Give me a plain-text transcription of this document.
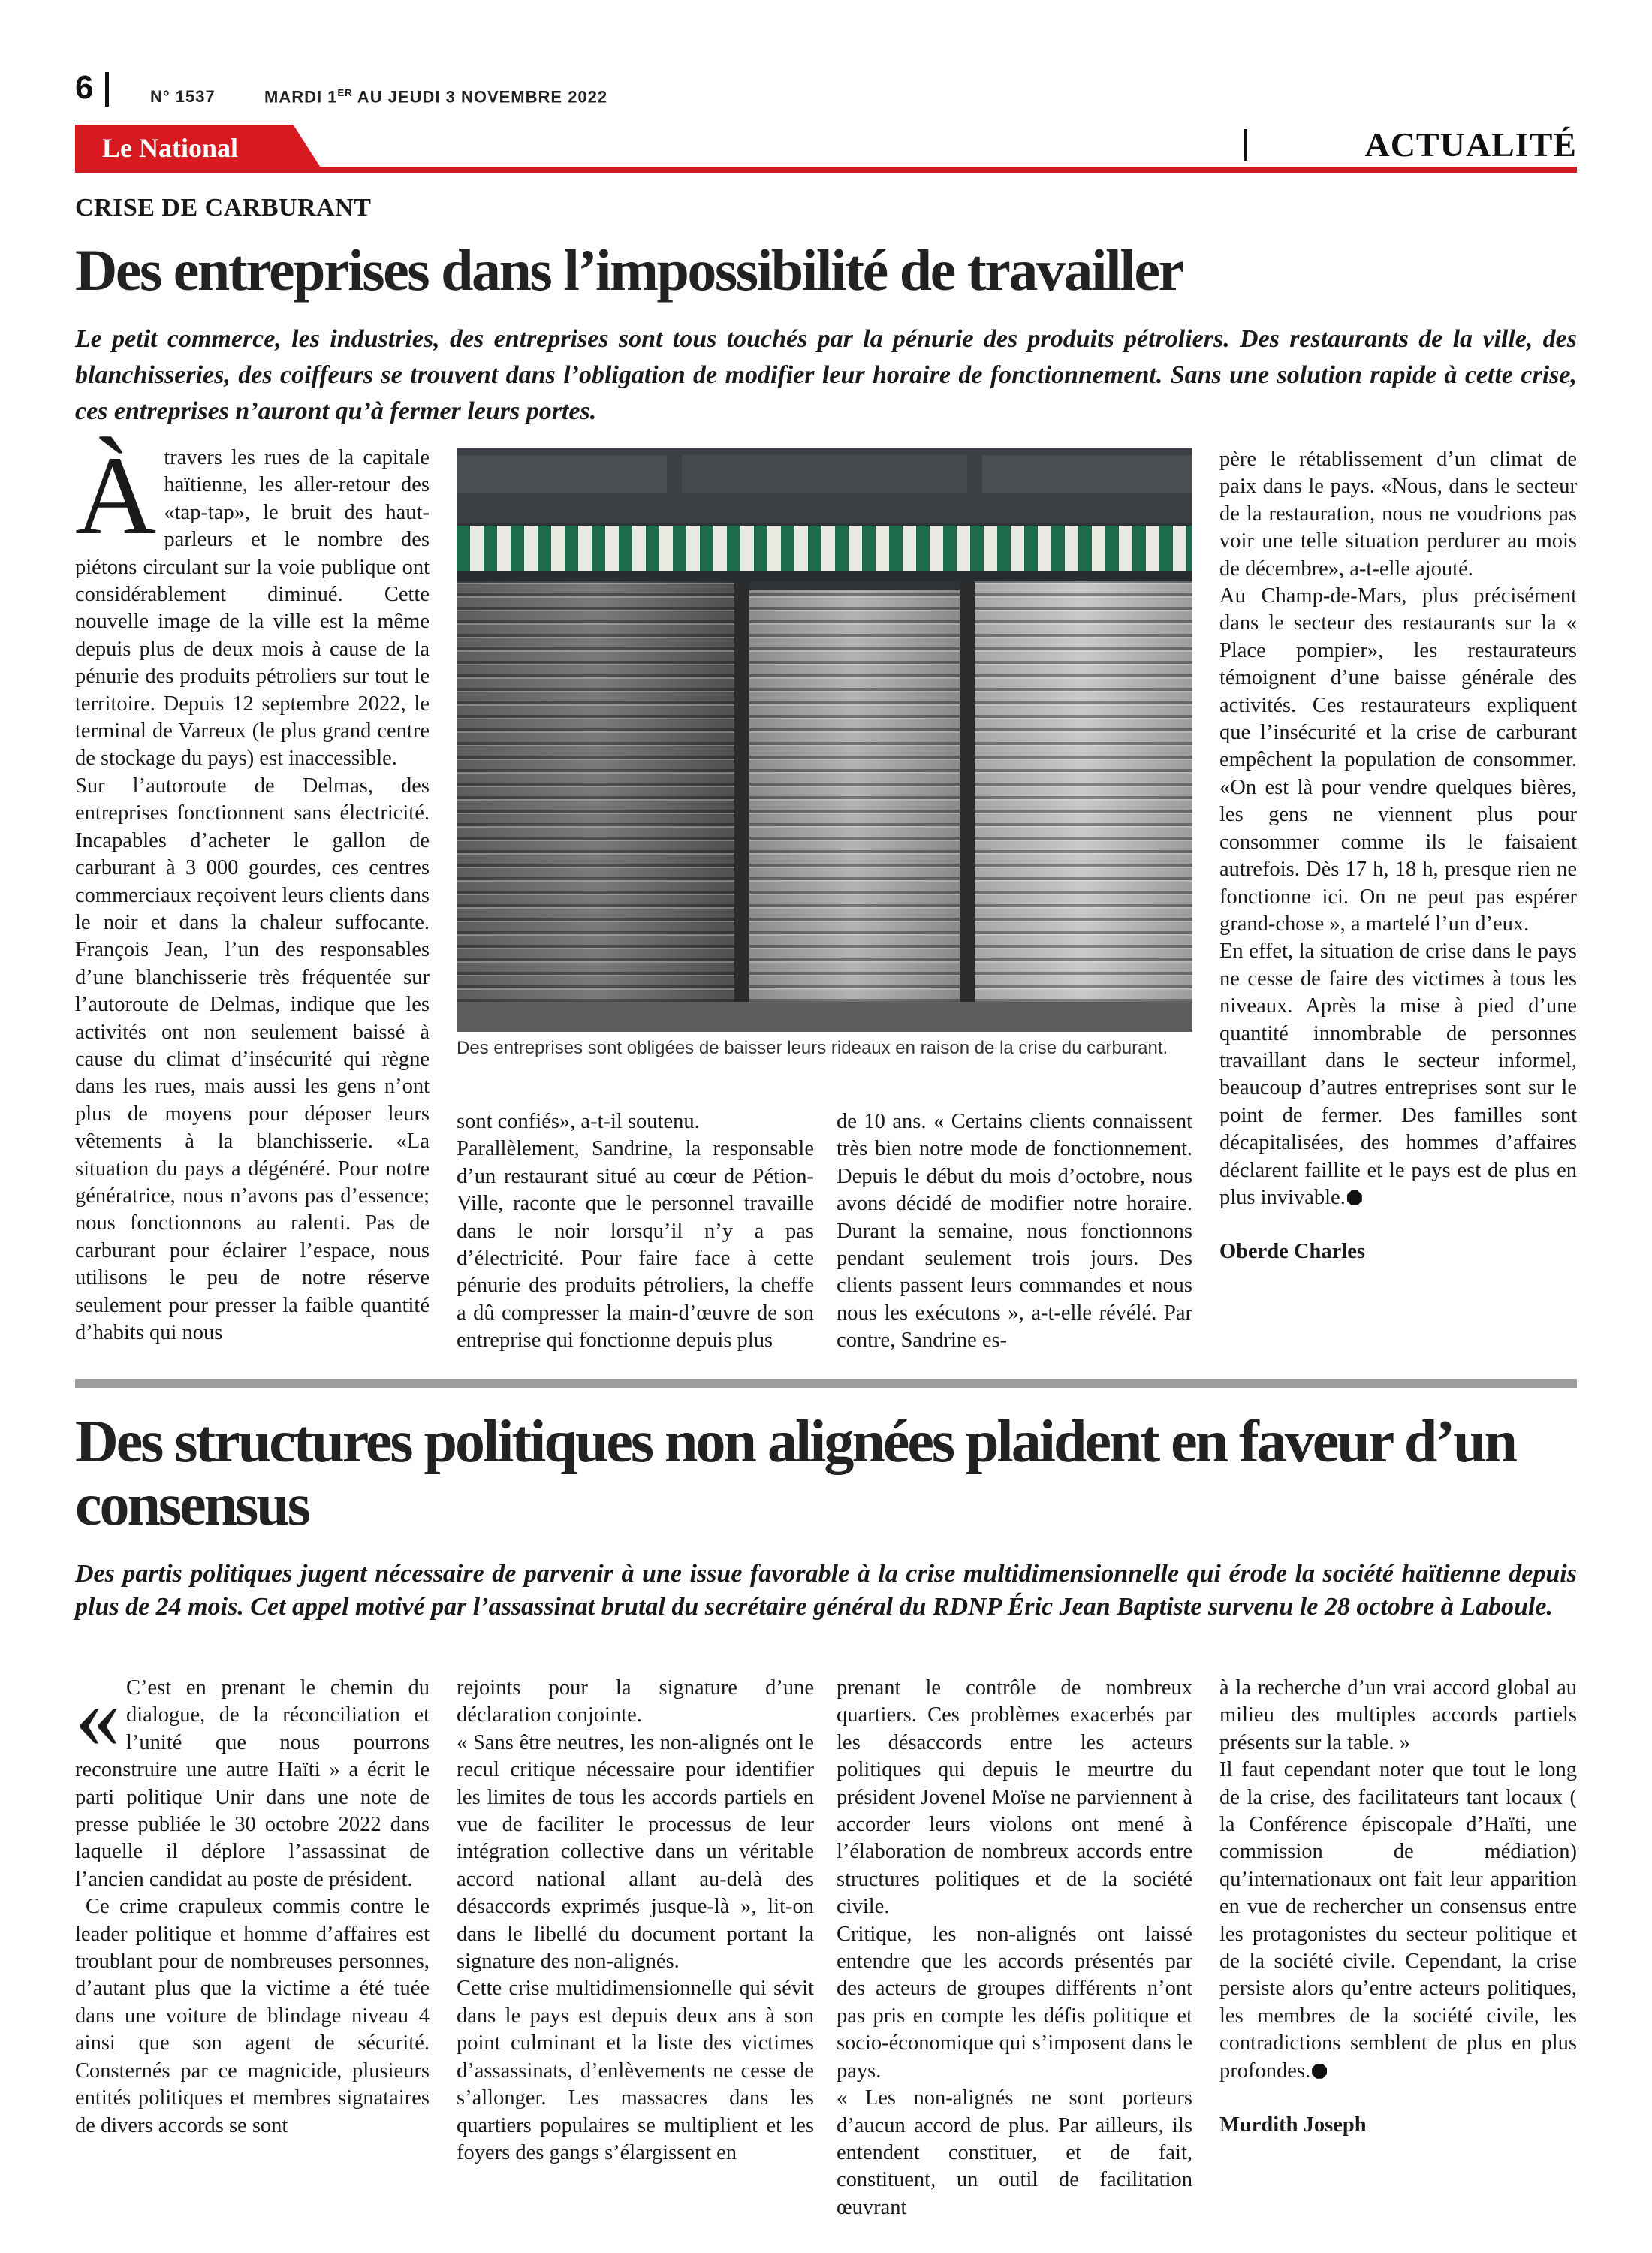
6	N° 1537	MARDI 1ER AU JEUDI 3 NOVEMBRE 2022
Le National	ACTUALITÉ
CRISE DE CARBURANT
Des entreprises dans l’impossibilité de travailler
Le petit commerce, les industries, des entreprises sont tous touchés par la pénurie des produits pétroliers. Des restaurants de la ville, des blanchisseries, des coiffeurs se trouvent dans l’obligation de modifier leur horaire de fonctionnement. Sans une solution rapide à cette crise, ces entreprises n’auront qu’à fermer leurs portes.

Àtravers les rues de la capitale haïtienne, les aller-retour des «tap-tap», le bruit des haut-parleurs et le nombre des piétons circulant sur la voie publique ont considérablement diminué. Cette nouvelle image de la ville est la même depuis plus de deux mois à cause de la pénurie des produits pétroliers sur tout le territoire. Depuis 12 septembre 2022, le terminal de Varreux (le plus grand centre de stockage du pays) est inaccessible.

Sur l’autoroute de Delmas, des entreprises fonctionnent sans électricité. Incapables d’acheter le gallon de carburant à 3 000 gourdes, ces centres commerciaux reçoivent leurs clients dans le noir et dans la chaleur suffocante. François Jean, l’un des responsables d’une blanchisserie très fréquentée sur l’autoroute de Delmas, indique que les activités ont non seulement baissé à cause du climat d’insécurité qui règne dans les rues, mais aussi les gens n’ont plus de moyens pour déposer leurs vêtements à la blanchisserie. «La situation du pays a dégénéré. Pour notre génératrice, nous n’avons pas d’essence; nous fonctionnons au ralenti. Pas de carburant pour éclairer l’espace, nous utilisons le peu de notre réserve seulement pour presser la faible quantité d’habits qui nous

Des entreprises sont obligées de baisser leurs rideaux en raison de la crise du carburant.

sont confiés», a-t-il soutenu.

Parallèlement, Sandrine, la responsable d’un restaurant situé au cœur de Pétion-Ville, raconte que le personnel travaille dans le noir lorsqu’il n’y a pas d’électricité. Pour faire face à cette pénurie des produits pétroliers, la cheffe a dû compresser la main-d’œuvre de son entreprise qui fonctionne depuis plus

de 10 ans. « Certains clients connaissent très bien notre mode de fonctionnement. Depuis le début du mois d’octobre, nous avons décidé de modifier notre horaire. Durant la semaine, nous fonctionnons pendant seulement trois jours. Des clients passent leurs commandes et nous nous les exécutons », a-t-elle révélé. Par contre, Sandrine es-

père le rétablissement d’un climat de paix dans le pays. «Nous, dans le secteur de la restauration, nous ne voudrions pas voir une telle situation perdurer au mois de décembre», a-t-elle ajouté.

Au Champ-de-Mars, plus précisément dans le secteur des restaurants sur la « Place pompier», les restaurateurs témoignent d’une baisse générale des activités. Ces restaurateurs expliquent que l’insécurité et la crise de carburant empêchent la population de consommer. «On est là pour vendre quelques bières, les gens ne viennent plus pour consommer comme ils le faisaient autrefois. Dès 17 h, 18 h, presque rien ne fonctionne ici. On ne peut pas espérer grand-chose », a martelé l’un d’eux.

En effet, la situation de crise dans le pays ne cesse de faire des victimes à tous les niveaux. Après la mise à pied d’une quantité innombrable de personnes travaillant dans le secteur informel, beaucoup d’autres entreprises sont sur le point de fermer. Des familles sont décapitalisées, des hommes d’affaires déclarent faillite et le pays est de plus en plus invivable.

Oberde Charles

Des structures politiques non alignées plaident en faveur d’un consensus
Des partis politiques jugent nécessaire de parvenir à une issue favorable à la crise multidimensionnelle qui érode la société haïtienne depuis plus de 24 mois. Cet appel motivé par l’assassinat brutal du secrétaire général du RDNP Éric Jean Baptiste survenu le 28 octobre à Laboule.

« C’est en prenant le chemin du dialogue, de la réconciliation et l’unité que nous pourrons reconstruire une autre Haïti » a écrit le parti politique Unir dans une note de presse publiée le 30 octobre 2022 dans laquelle il déplore l’assassinat de l’ancien candidat au poste de président.

Ce crime crapuleux commis contre le leader politique et homme d’affaires est troublant pour de nombreuses personnes, d’autant plus que la victime a été tuée dans une voiture de blindage niveau 4 ainsi que son agent de sécurité. Consternés par ce magnicide, plusieurs entités politiques et membres signataires de divers accords se sont

rejoints pour la signature d’une déclaration conjointe.

« Sans être neutres, les non-alignés ont le recul critique nécessaire pour identifier les limites de tous les accords partiels en vue de faciliter le processus de leur intégration collective dans un véritable accord national allant au-delà des désaccords exprimés jusque-là », lit-on dans le libellé du document portant la signature des non-alignés.

Cette crise multidimensionnelle qui sévit dans le pays est depuis deux ans à son point culminant et la liste des victimes d’assassinats, d’enlèvements ne cesse de s’allonger. Les massacres dans les quartiers populaires se multiplient et les foyers des gangs s’élargissent en

prenant le contrôle de nombreux quartiers. Ces problèmes exacerbés par les désaccords entre les acteurs politiques qui depuis le meurtre du président Jovenel Moïse ne parviennent à accorder leurs violons ont mené à l’élaboration de nombreux accords entre structures politiques et de la société civile.

Critique, les non-alignés ont laissé entendre que les accords présentés par des acteurs de groupes différents n’ont pas pris en compte les défis politique et socio-économique qui s’imposent dans le pays.

« Les non-alignés ne sont porteurs d’aucun accord de plus. Par ailleurs, ils entendent constituer, et de fait, constituent, un outil de facilitation œuvrant

à la recherche d’un vrai accord global au milieu des multiples accords partiels présents sur la table. »

Il faut cependant noter que tout le long de la crise, des facilitateurs tant locaux ( la Conférence épiscopale d’Haïti, une commission de médiation) qu’internationaux ont fait leur apparition en vue de rechercher un consensus entre les protagonistes du secteur politique et de la société civile. Cependant, la crise persiste alors qu’entre acteurs politiques, les membres de la société civile, les contradictions semblent de plus en plus profondes.

Murdith Joseph
